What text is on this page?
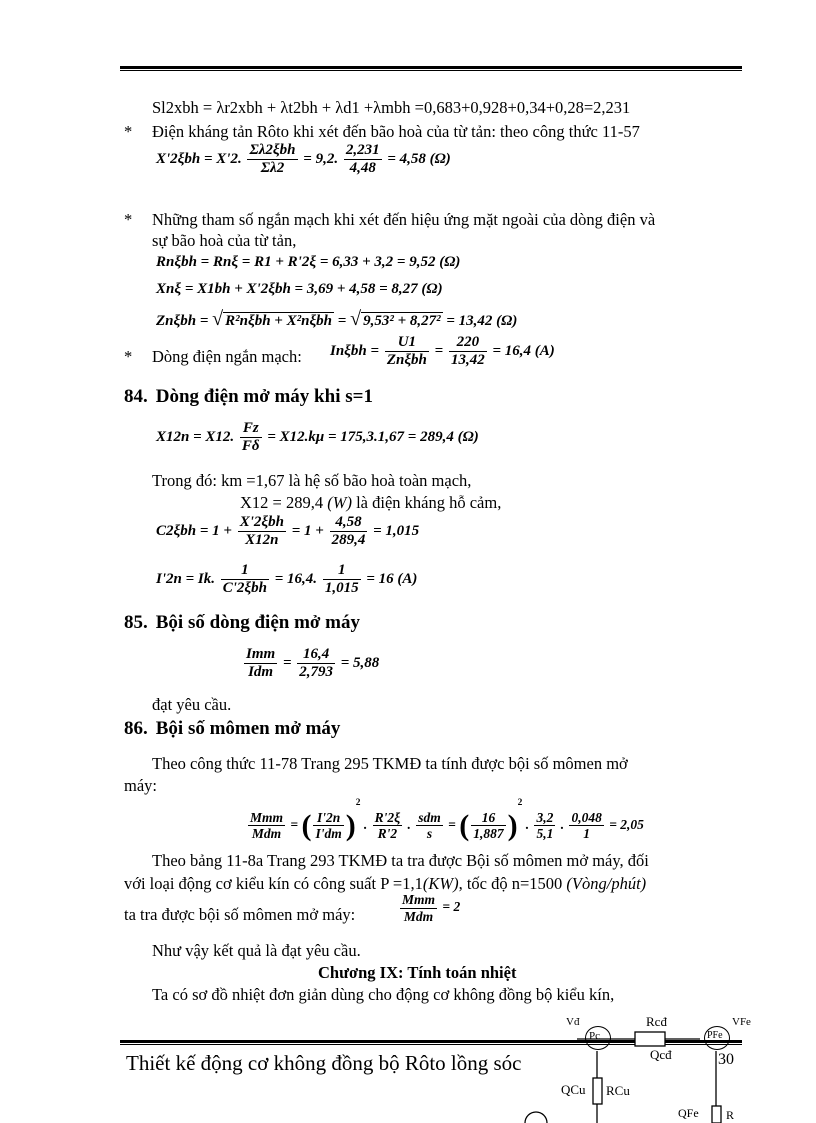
Sl2xbh = λr2xbh + λt2bh + λd1 +λmbh =0,683+0,928+0,34+0,28=2,231
* Điện kháng tản Rôto khi xét đến bão hoà của từ tản: theo công thức 11-57
X'2ξbh = X'2. $\frac{\text{Σλ2ξbh}}{\Sigma\lambda 2} = 9,2$. $\frac{2,231}{4,48} = 4,58$ (Ω)
* Những tham số ngắn mạch khi xét đến hiệu ứng mặt ngoài của dòng điện và
sự bão hoà của từ tản,
Rnξbh = Rnξ = R1 + R'2ξ = 6,33 + 3,2 = 9,52 (Ω)
Xnξ = X1bh + X'2ξbh = 3,69 + 4,58 = 8,27 (Ω)
Znξbh = √ R²nξbh + X²nξbh = √ 9,53² + 8,27² = 13,42 (Ω)
* Dòng điện ngắn mạch: $In\xi bh = \frac{U1}{\text{Znξbh}} = \frac{220}{13,42} = 16,4$ (A)
84. Dòng điện mở máy khi s=1
X12n = X12. $\frac{Fz}{F\delta} = X12.k\mu = 175,3.1,67 = 289,4$ (Ω)
Trong đó: km =1,67 là hệ số bão hoà toàn mạch,
X12 = 289,4 (W) là điện kháng hỗ cảm,
$C2\xi bh = 1 + \frac{\text{X'2ξbh}}{X12n} = 1 + \frac{4,58}{289,4} = 1,015$
I'2n = Ik. $\frac{1}{\text{C'2ξbh}} = 16,4$. $\frac{1}{1,015} = 16$ (A)
85. Bội số dòng điện mở máy
$\frac{\text{Imm}}{\text{Idm}} = \frac{16,4}{2,793} = 5,88$
đạt yêu cầu.
86. Bội số mômen mở máy
Theo công thức 11-78 Trang 295 TKMĐ ta tính được bội số mômen mở
máy:
$\frac{\text{Mmm}}{\text{Mdm}}$ = ( $\frac{I'2n}{I'dm} )^2$ . $\frac{R'2\xi}{R'2}$ . $\frac{\text{sdm}}{s}$ = ( $\frac{16}{1,887} )^2$ . $\frac{3,2}{5,1}$ . $\frac{0,048}{1} = 2,05$
Theo bảng 11-8a Trang 293 TKMĐ ta tra được Bội số mômen mở máy, đối
với loại động cơ kiểu kín có công suất P =1,1(KW), tốc độ n=1500 (Vòng/phút)
ta tra được bội số mômen mở máy:	$\frac{\text{Mmm}}{\text{Mdm}} = 2$
Như vậy kết quả là đạt yêu cầu.
Chương IX: Tính toán nhiệt
Ta có sơ đồ nhiệt đơn giản dùng cho động cơ không đồng bộ kiểu kín,
Thiết kế động cơ không đồng bộ Rôto lồng sóc	30
Vđ
Pc
Rcđ	VFe
PFe
Qcđ
QCu RCu
QFe R
